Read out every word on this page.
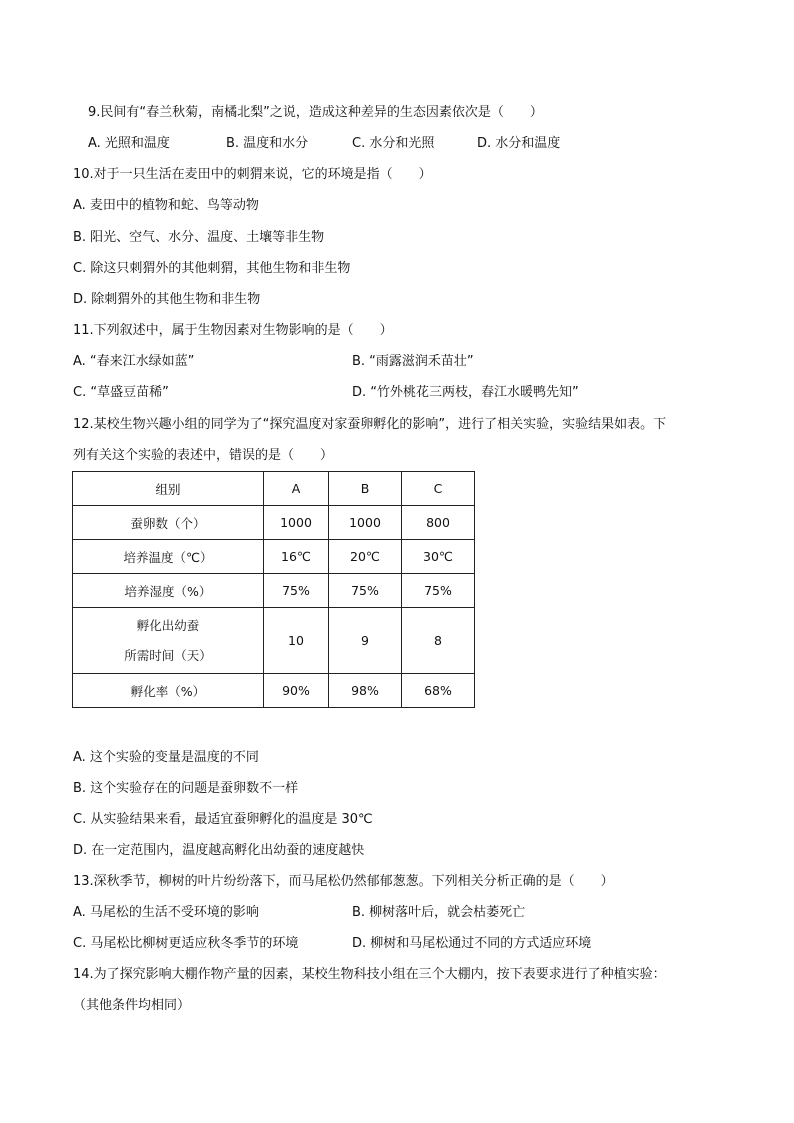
9.民间有“春兰秋菊，南橘北梨”之说，造成这种差异的生态因素依次是（　　）
A. 光照和温度	B. 温度和水分	C. 水分和光照	D. 水分和温度
10.对于一只生活在麦田中的刺猬来说，它的环境是指（　　）
A. 麦田中的植物和蛇、鸟等动物
B. 阳光、空气、水分、温度、土壤等非生物
C. 除这只刺猬外的其他刺猬，其他生物和非生物
D. 除刺猬外的其他生物和非生物
11.下列叙述中，属于生物因素对生物影响的是（　　）
A. “春来江水绿如蓝”	B. “雨露滋润禾苗壮”
C. “草盛豆苗稀”	D. “竹外桃花三两枝，春江水暖鸭先知”
12.某校生物兴趣小组的同学为了“探究温度对家蚕卵孵化的影响”，进行了相关实验，实验结果如表。下
列有关这个实验的表述中，错误的是（　　）
组别	A	B	C
蚕卵数（个）	1000	1000	800
培养温度（℃）	16℃	20℃	30℃
培养湿度（%）	75%	75%	75%

孵化出幼蚕
所需时间（天）	10	9	8
孵化率（%）	90%	98%	68%
A. 这个实验的变量是温度的不同
B. 这个实验存在的问题是蚕卵数不一样
C. 从实验结果来看，最适宜蚕卵孵化的温度是 30℃
D. 在一定范围内，温度越高孵化出幼蚕的速度越快
13.深秋季节，柳树的叶片纷纷落下，而马尾松仍然郁郁葱葱。下列相关分析正确的是（　　）
A. 马尾松的生活不受环境的影响	B. 柳树落叶后，就会枯萎死亡
C. 马尾松比柳树更适应秋冬季节的环境	D. 柳树和马尾松通过不同的方式适应环境
14.为了探究影响大棚作物产量的因素，某校生物科技小组在三个大棚内，按下表要求进行了种植实验：
（其他条件均相同）
